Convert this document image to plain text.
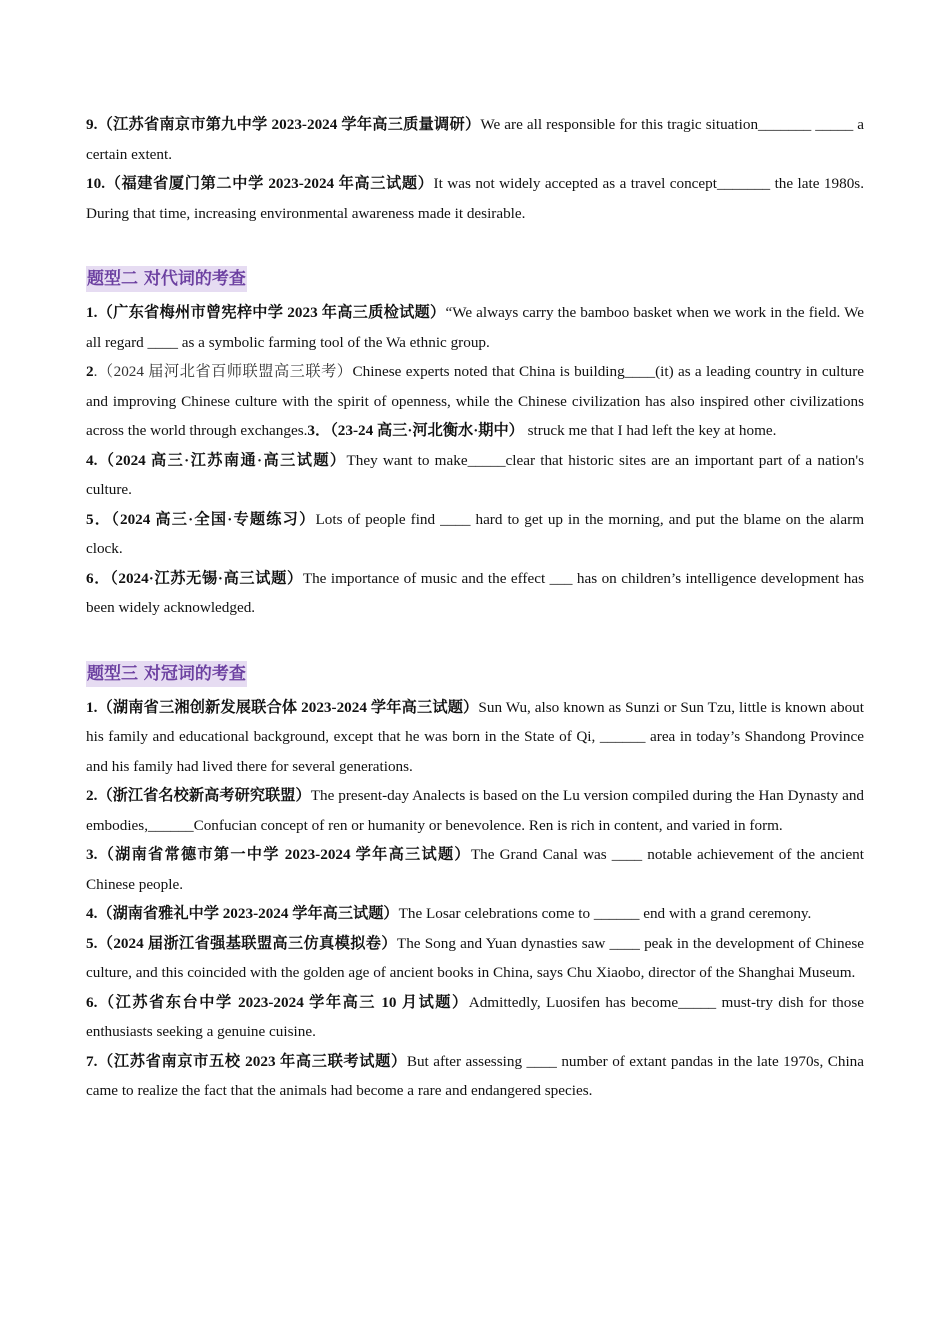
9.（江苏省南京市第九中学 2023-2024 学年高三质量调研）We are all responsible for this tragic situation_______ _____ a certain extent.

10.（福建省厦门第二中学 2023-2024 年高三试题）It was not widely accepted as a travel concept_______ the late 1980s. During that time, increasing environmental awareness made it desirable.

题型二 对代词的考查

1.（广东省梅州市曾宪梓中学 2023 年高三质检试题）“We always carry the bamboo basket when we work in the field. We all regard ____ as a symbolic farming tool of the Wa ethnic group.

2.（2024 届河北省百师联盟高三联考）Chinese experts noted that China is building____(it) as a leading country in culture and improving Chinese culture with the spirit of openness, while the Chinese civilization has also inspired other civilizations across the world through exchanges.3．（23-24 高三·河北衡水·期中） struck me that I had left the key at home.

4.（2024 高三·江苏南通·高三试题）They want to make_____clear that historic sites are an important part of a nation's culture.

5．（2024 高三·全国·专题练习）Lots of people find ____ hard to get up in the morning, and put the blame on the alarm clock.

6．（2024·江苏无锡·高三试题）The importance of music and the effect ___ has on children’s intelligence development has been widely acknowledged.

题型三 对冠词的考查

1.（湖南省三湘创新发展联合体 2023-2024 学年高三试题）Sun Wu, also known as Sunzi or Sun Tzu, little is known about his family and educational background, except that he was born in the State of Qi, ______ area in today’s Shandong Province and his family had lived there for several generations.

2.（浙江省名校新高考研究联盟）The present-day Analects is based on the Lu version compiled during the Han Dynasty and embodies,______Confucian concept of ren or humanity or benevolence. Ren is rich in content, and varied in form.

3.（湖南省常德市第一中学 2023-2024 学年高三试题）The Grand Canal was ____ notable achievement of the ancient Chinese people.

4.（湖南省雅礼中学 2023-2024 学年高三试题）The Losar celebrations come to ______ end with a grand ceremony.

5.（2024 届浙江省强基联盟高三仿真模拟卷）The Song and Yuan dynasties saw ____ peak in the development of Chinese culture, and this coincided with the golden age of ancient books in China, says Chu Xiaobo, director of the Shanghai Museum.

6.（江苏省东台中学 2023-2024 学年高三 10 月试题）Admittedly, Luosifen has become_____ must-try dish for those enthusiasts seeking a genuine cuisine.

7.（江苏省南京市五校 2023 年高三联考试题）But after assessing ____ number of extant pandas in the late 1970s, China came to realize the fact that the animals had become a rare and endangered species.
